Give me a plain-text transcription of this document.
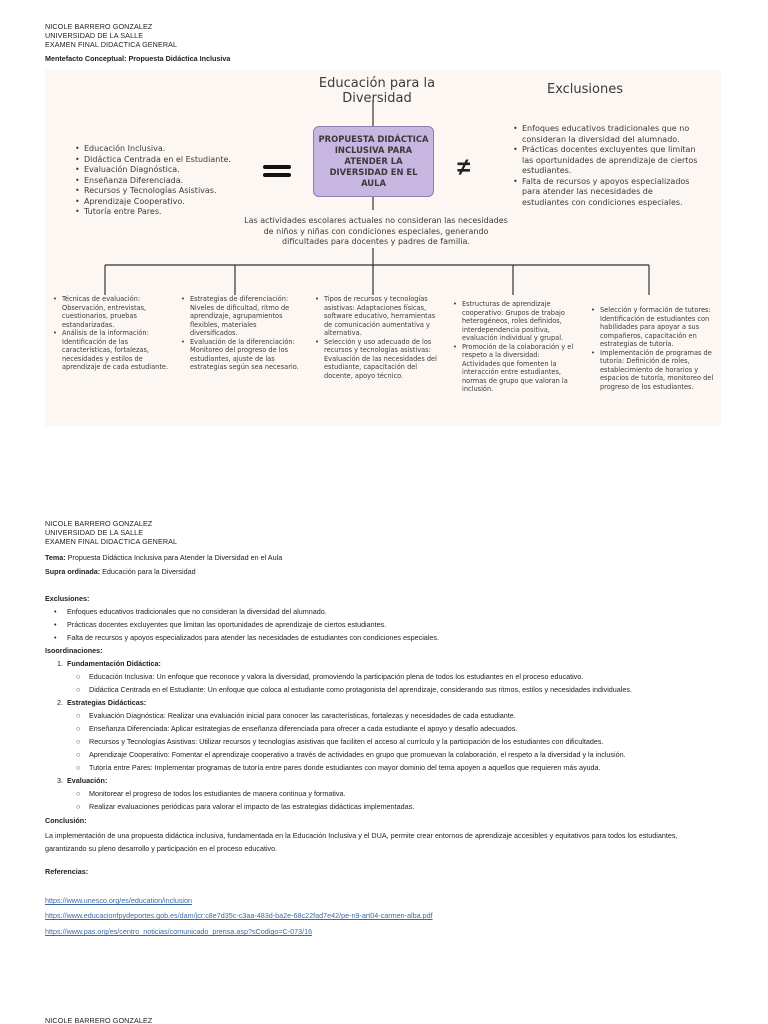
NICOLE BARRERO GONZALEZ
UNIVERSIDAD DE LA SALLE
EXAMEN FINAL DIDACTICA GENERAL
Mentefacto Conceptual: Propuesta Didáctica Inclusiva
Educación para la Diversidad
Exclusiones
PROPUESTA DIDÁCTICA INCLUSIVA PARA ATENDER LA DIVERSIDAD EN EL AULA
≠
• Educación Inclusiva.
• Didáctica Centrada en el Estudiante.
• Evaluación Diagnóstica.
• Enseñanza Diferenciada.
• Recursos y Tecnologías Asistivas.
• Aprendizaje Cooperativo.
• Tutoría entre Pares.
• Enfoques educativos tradicionales que no consideran la diversidad del alumnado.
• Prácticas docentes excluyentes que limitan las oportunidades de aprendizaje de ciertos estudiantes.
• Falta de recursos y apoyos especializados para atender las necesidades de estudiantes con condiciones especiales.
Las actividades escolares actuales no consideran las necesidades de niños y niñas con condiciones especiales, generando dificultades para docentes y padres de familia.
• Técnicas de evaluación: Observación, entrevistas, cuestionarios, pruebas estandarizadas.
• Análisis de la información: Identificación de las características, fortalezas, necesidades y estilos de aprendizaje de cada estudiante.
• Estrategias de diferenciación: Niveles de dificultad, ritmo de aprendizaje, agrupamientos flexibles, materiales diversificados.
• Evaluación de la diferenciación: Monitoreo del progreso de los estudiantes, ajuste de las estrategias según sea necesario.
• Tipos de recursos y tecnologías asistivas: Adaptaciones físicas, software educativo, herramientas de comunicación aumentativa y alternativa.
• Selección y uso adecuado de los recursos y tecnologías asistivas: Evaluación de las necesidades del estudiante, capacitación del docente, apoyo técnico.
• Estructuras de aprendizaje cooperativo: Grupos de trabajo heterogéneos, roles definidos, interdependencia positiva, evaluación individual y grupal.
• Promoción de la colaboración y el respeto a la diversidad: Actividades que fomenten la interacción entre estudiantes, normas de grupo que valoran la inclusión.
• Selección y formación de tutores: Identificación de estudiantes con habilidades para apoyar a sus compañeros, capacitación en estrategias de tutoría.
• Implementación de programas de tutoría: Definición de roles, establecimiento de horarios y espacios de tutoría, monitoreo del progreso de los estudiantes.
NICOLE BARRERO GONZALEZ
UNIVERSIDAD DE LA SALLE
EXAMEN FINAL DIDACTICA GENERAL
Tema: Propuesta Didáctica Inclusiva para Atender la Diversidad en el Aula
Supra ordinada: Educación para la Diversidad
Exclusiones:
• Enfoques educativos tradicionales que no consideran la diversidad del alumnado.
• Prácticas docentes excluyentes que limitan las oportunidades de aprendizaje de ciertos estudiantes.
• Falta de recursos y apoyos especializados para atender las necesidades de estudiantes con condiciones especiales.
Isoordinaciones:
1. Fundamentación Didáctica:
○ Educación Inclusiva: Un enfoque que reconoce y valora la diversidad, promoviendo la participación plena de todos los estudiantes en el proceso educativo.
○ Didáctica Centrada en el Estudiante: Un enfoque que coloca al estudiante como protagonista del aprendizaje, considerando sus ritmos, estilos y necesidades individuales.
2. Estrategias Didácticas:
○ Evaluación Diagnóstica: Realizar una evaluación inicial para conocer las características, fortalezas y necesidades de cada estudiante.
○ Enseñanza Diferenciada: Aplicar estrategias de enseñanza diferenciada para ofrecer a cada estudiante el apoyo y desafío adecuados.
○ Recursos y Tecnologías Asistivas: Utilizar recursos y tecnologías asistivas que faciliten el acceso al currículo y la participación de los estudiantes con dificultades.
○ Aprendizaje Cooperativo: Fomentar el aprendizaje cooperativo a través de actividades en grupo que promuevan la colaboración, el respeto a la diversidad y la inclusión.
○ Tutoría entre Pares: Implementar programas de tutoría entre pares donde estudiantes con mayor dominio del tema apoyen a aquellos que requieren más ayuda.
3. Evaluación:
○ Monitorear el progreso de todos los estudiantes de manera continua y formativa.
○ Realizar evaluaciones periódicas para valorar el impacto de las estrategias didácticas implementadas.
Conclusión:
La implementación de una propuesta didáctica inclusiva, fundamentada en la Educación Inclusiva y el DUA, permite crear entornos de aprendizaje accesibles y equitativos para todos los estudiantes, garantizando su pleno desarrollo y participación en el proceso educativo.
Referencias:
https://www.unesco.org/es/education/inclusion
https://www.educacionfpydeportes.gob.es/dam/jcr:c8e7d35c-c3aa-483d-ba2e-68c22fad7e42/pe-n9-art04-carmen-alba.pdf
https://www.pas.org/es/centro_noticias/comunicado_prensa.asp?sCodigo=C-073/16
NICOLE BARRERO GONZALEZ
